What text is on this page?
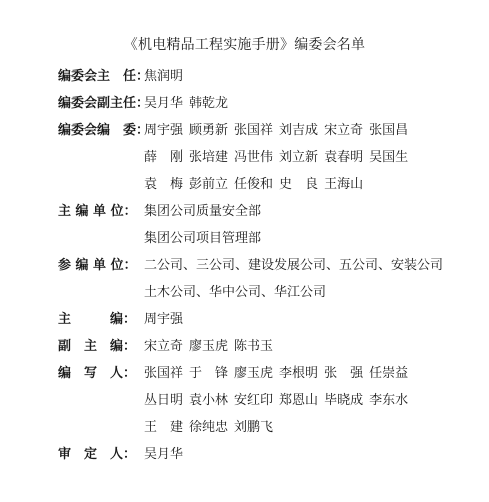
《机电精品工程实施手册》编委会名单
编委会主　任：
焦润明
编委会副主任：
吴月华 韩乾龙
编委会编　委：
周宇强 顾勇新 张国祥 刘吉成 宋立奇 张国昌
薛　刚 张培建 冯世伟 刘立新 袁春明 吴国生
袁　梅 彭前立 任俊和 史　良 王海山
主 编 单 位： 集团公司质量安全部
集团公司项目管理部
参 编 单 位： 二公司、三公司、建设发展公司、五公司、安装公司
土木公司、华中公司、华江公司
主　　　编： 周宇强
副　主　编： 宋立奇 廖玉虎 陈书玉
编　写　人： 张国祥 于　锋 廖玉虎 李根明 张　强 任崇益
丛日明 袁小林 安红印 郑恩山 毕晓成 李东水
王　建 徐纯忠 刘鹏飞
审　定　人： 吴月华
